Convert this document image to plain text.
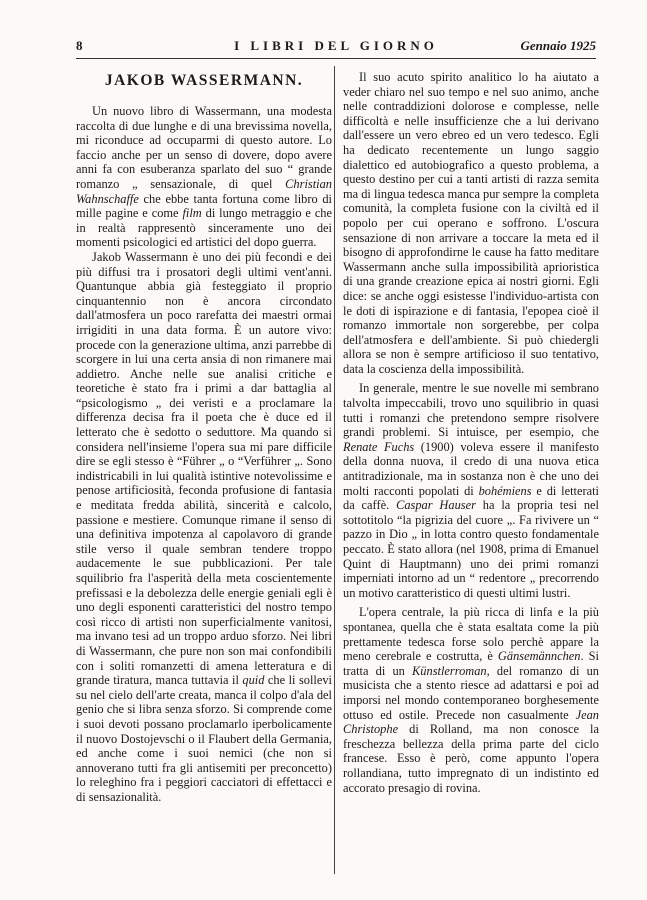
8	I LIBRI DEL GIORNO	Gennaio 1925
JAKOB WASSERMANN.

Un nuovo libro di Wassermann, una modesta raccolta di due lunghe e di una brevissima novella, mi riconduce ad occuparmi di questo autore. Lo faccio anche per un senso di dovere, dopo avere anni fa con esuberanza sparlato del suo “ grande romanzo „ sensazionale, di quel Christian Wahnschaffe che ebbe tanta fortuna come libro di mille pagine e come film di lungo metraggio e che in realtà rappresentò sinceramente uno dei momenti psicologici ed artistici del dopo guerra.

Jakob Wassermann è uno dei più fecondi e dei più diffusi tra i prosatori degli ultimi vent'anni. Quantunque abbia già festeggiato il proprio cinquantennio non è ancora circondato dall'atmosfera un poco rarefatta dei maestri ormai irrigiditi in una data forma. È un autore vivo: procede con la generazione ultima, anzi parrebbe di scorgere in lui una certa ansia di non rimanere mai addietro. Anche nelle sue analisi critiche e teoretiche è stato fra i primi a dar battaglia al “psicologismo „ dei veristi e a proclamare la differenza decisa fra il poeta che è duce ed il letterato che è sedotto o seduttore. Ma quando si considera nell'insieme l'opera sua mi pare difficile dire se egli stesso è “Führer „ o “Verführer „. Sono indistricabili in lui qualità istintive notevolissime e penose artificiosità, feconda profusione di fantasia e meditata fredda abilità, sincerità e calcolo, passione e mestiere. Comunque rimane il senso di una definitiva impotenza al capolavoro di grande stile verso il quale sembran tendere troppo audacemente le sue pubblicazioni. Per tale squilibrio fra l'asperità della meta coscientemente prefissasi e la debolezza delle energie geniali egli è uno degli esponenti caratteristici del nostro tempo così ricco di artisti non superficialmente vanitosi, ma invano tesi ad un troppo arduo sforzo. Nei libri di Wassermann, che pure non son mai confondibili con i soliti romanzetti di amena letteratura e di grande tiratura, manca tuttavia il quid che li sollevi su nel cielo dell'arte creata, manca il colpo d'ala del genio che si libra senza sforzo. Si comprende come i suoi devoti possano proclamarlo iperbolicamente il nuovo Dostojevschi o il Flaubert della Germania, ed anche come i suoi nemici (che non si annoverano tutti fra gli antisemiti per preconcetto) lo releghino fra i peggiori cacciatori di effettacci e di sensazionalità.

Il suo acuto spirito analitico lo ha aiutato a veder chiaro nel suo tempo e nel suo animo, anche nelle contraddizioni dolorose e complesse, nelle difficoltà e nelle insufficienze che a lui derivano dall'essere un vero ebreo ed un vero tedesco. Egli ha dedicato recentemente un lungo saggio dialettico ed autobiografico a questo problema, a questo destino per cui a tanti artisti di razza semita ma di lingua tedesca manca pur sempre la completa comunità, la completa fusione con la civiltà ed il popolo per cui operano e soffrono. L'oscura sensazione di non arrivare a toccare la meta ed il bisogno di approfondirne le cause ha fatto meditare Wassermann anche sulla impossibilità aprioristica di una grande creazione epica ai nostri giorni. Egli dice: se anche oggi esistesse l'individuo-artista con le doti di ispirazione e di fantasia, l'epopea cioè il romanzo immortale non sorgerebbe, per colpa dell'atmosfera e dell'ambiente. Si può chiedergli allora se non è sempre artificioso il suo tentativo, data la coscienza della impossibilità.

In generale, mentre le sue novelle mi sembrano talvolta impeccabili, trovo uno squilibrio in quasi tutti i romanzi che pretendono sempre risolvere grandi problemi. Si intuisce, per esempio, che Renate Fuchs (1900) voleva essere il manifesto della donna nuova, il credo di una nuova etica antitradizionale, ma in sostanza non è che uno dei molti racconti popolati di bohémiens e di letterati da caffè. Caspar Hauser ha la propria tesi nel sottotitolo “la pigrizia del cuore „. Fa rivivere un “ pazzo in Dio „ in lotta contro questo fondamentale peccato. È stato allora (nel 1908, prima di Emanuel Quint di Hauptmann) uno dei primi romanzi imperniati intorno ad un “ redentore „ precorrendo un motivo caratteristico di questi ultimi lustri.

L'opera centrale, la più ricca di linfa e la più spontanea, quella che è stata esaltata come la più prettamente tedesca forse solo perchè appare la meno cerebrale e costrutta, è Gänsemännchen. Si tratta di un Künstlerroman, del romanzo di un musicista che a stento riesce ad adattarsi e poi ad imporsi nel mondo contemporaneo borghesemente ottuso ed ostile. Precede non casualmente Jean Christophe di Rolland, ma non conosce la freschezza bellezza della prima parte del ciclo francese. Esso è però, come appunto l'opera rollandiana, tutto impregnato di un indistinto ed accorato presagio di rovina.
